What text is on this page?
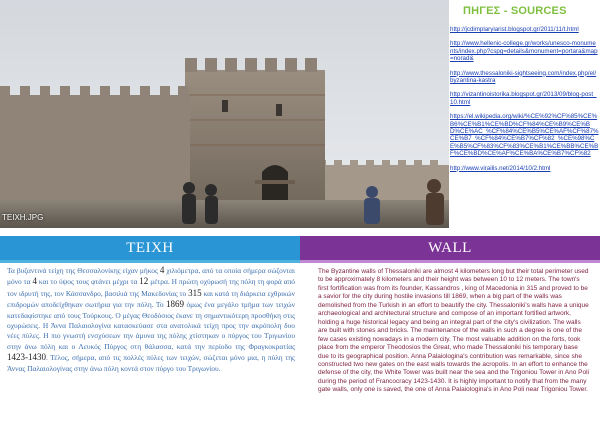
TEIXH.JPG
ΠΗΓΕΣ - SOURCES
http://jcdimplaryiarist.blogspot.gr/2011/11/t.html
http://www.hellenic-college.gr/works/unesco-monuments/index.php?cspg=details&monument=portara&map=norad&
http://www.thessaloniki-sightseeing.com/index.php/el/byzantina-kastra
http://vizantinoistorika.blogspot.gr/2013/09/blog-post_10.html
https://el.wikipedia.org/wiki/%CE%92%CF%85%CE%B6%CE%B1%CE%BD%CF%84%CE%B9%CE%BD%CE%AC_%CF%84%CE%B5%CE%AF%CF%87%CE%B7_%CF%84%CE%B7%CF%82_%CE%98%CE%B5%CF%83%CF%83%CE%B1%CE%BB%CE%BF%CE%BD%CE%AF%CE%BA%CE%B7%CF%82
http://www.virailis.net/2014/10/2.html
ΤΕΙΧΗ	WALL
Τα βυζαντινά τείχη της Θεσσαλονίκης είχαν μήκος 4 χιλιόμετρα, από τα οποία σήμερα σώζονται μόνο τα 4 και το ύψος τους φτάνει μέχρι τα 12 μέτρα. Η πρώτη οχύρωσή της πόλη τη φορά από τον ιδρυτή της, τον Κάσσανδρο, βασιλιά της Μακεδονίας το 315 και κατά τη διάρκεια εχθρικών επιδρομών αποδείχθηκαν σωτήρια για την πόλη. Το 1869 όμως ένα μεγάλο τμήμα των τειχών κατεδαφίστηκε από τους Τούρκους. Ο μέγας Θεοδόσιος έκανε τη σημαντικότερη προσθήκη στις οχυρώσεις. Η Άννα Παλαιολογίνα κατασκεύασε στα ανατολικά τείχη προς την ακρόπολη δυο νέες πύλες. Η πιο γνωστή ενσχύσεων την άμυνα της πόλης χτίστηκαν ο πύργος του Τριγωνίου στην άνω πόλη και ο Λευκός Πύργος στη θάλασσα, κατά την περίοδο της Φραγκοκρατίας 1423-1430. Τέλος, σήμερα, από τις πολλές πύλες των τειχών, σώζεται μόνο μια, η πύλη της Άννας Παλαιολογίνας στην άνω πόλη κοντά στον πύργο του Τριγωνίου.
The Byzantine walls of Thessaloniki are almost 4 kilometers long but their total perimeter used to be approximately 8 kilometers and their height was between 10 to 12 meters. The town's first fortification was from its founder, Kassandros , king of Macedonia in 315 and proved to be a savior for the city during hostile invasions till 1869, when a big part of the walls was demolished from the Turkish in an effort to beautify the city. Thessaloniki's walls have a unique archaeological and architectural structure and compose of an important fortified artwork, holding a huge historical legacy and being an integral part of the city's civilization. The walls are built with stones and bricks. The maintenance of the walls in such a degree is one of the few cases existing nowadays in a modern city. The most valuable addition on the forts, took place from the emperor Theodosios the Great, who made Thessaloniki his temporary base due to its geographical position. Anna Palaiologina's contribution was remarkable, since she constructed two new gates on the east walls towards the acropolis. In an effort to enhance the defense of the city, the White Tower was built near the sea and the Trigoniou Tower in Ano Poli during the period of Francocracy 1423-1430. It is highly important to notify that from the many gate walls, only one is saved, the one of Anna Palaiologina's in Ano Poli near Trigoniou Tower.
